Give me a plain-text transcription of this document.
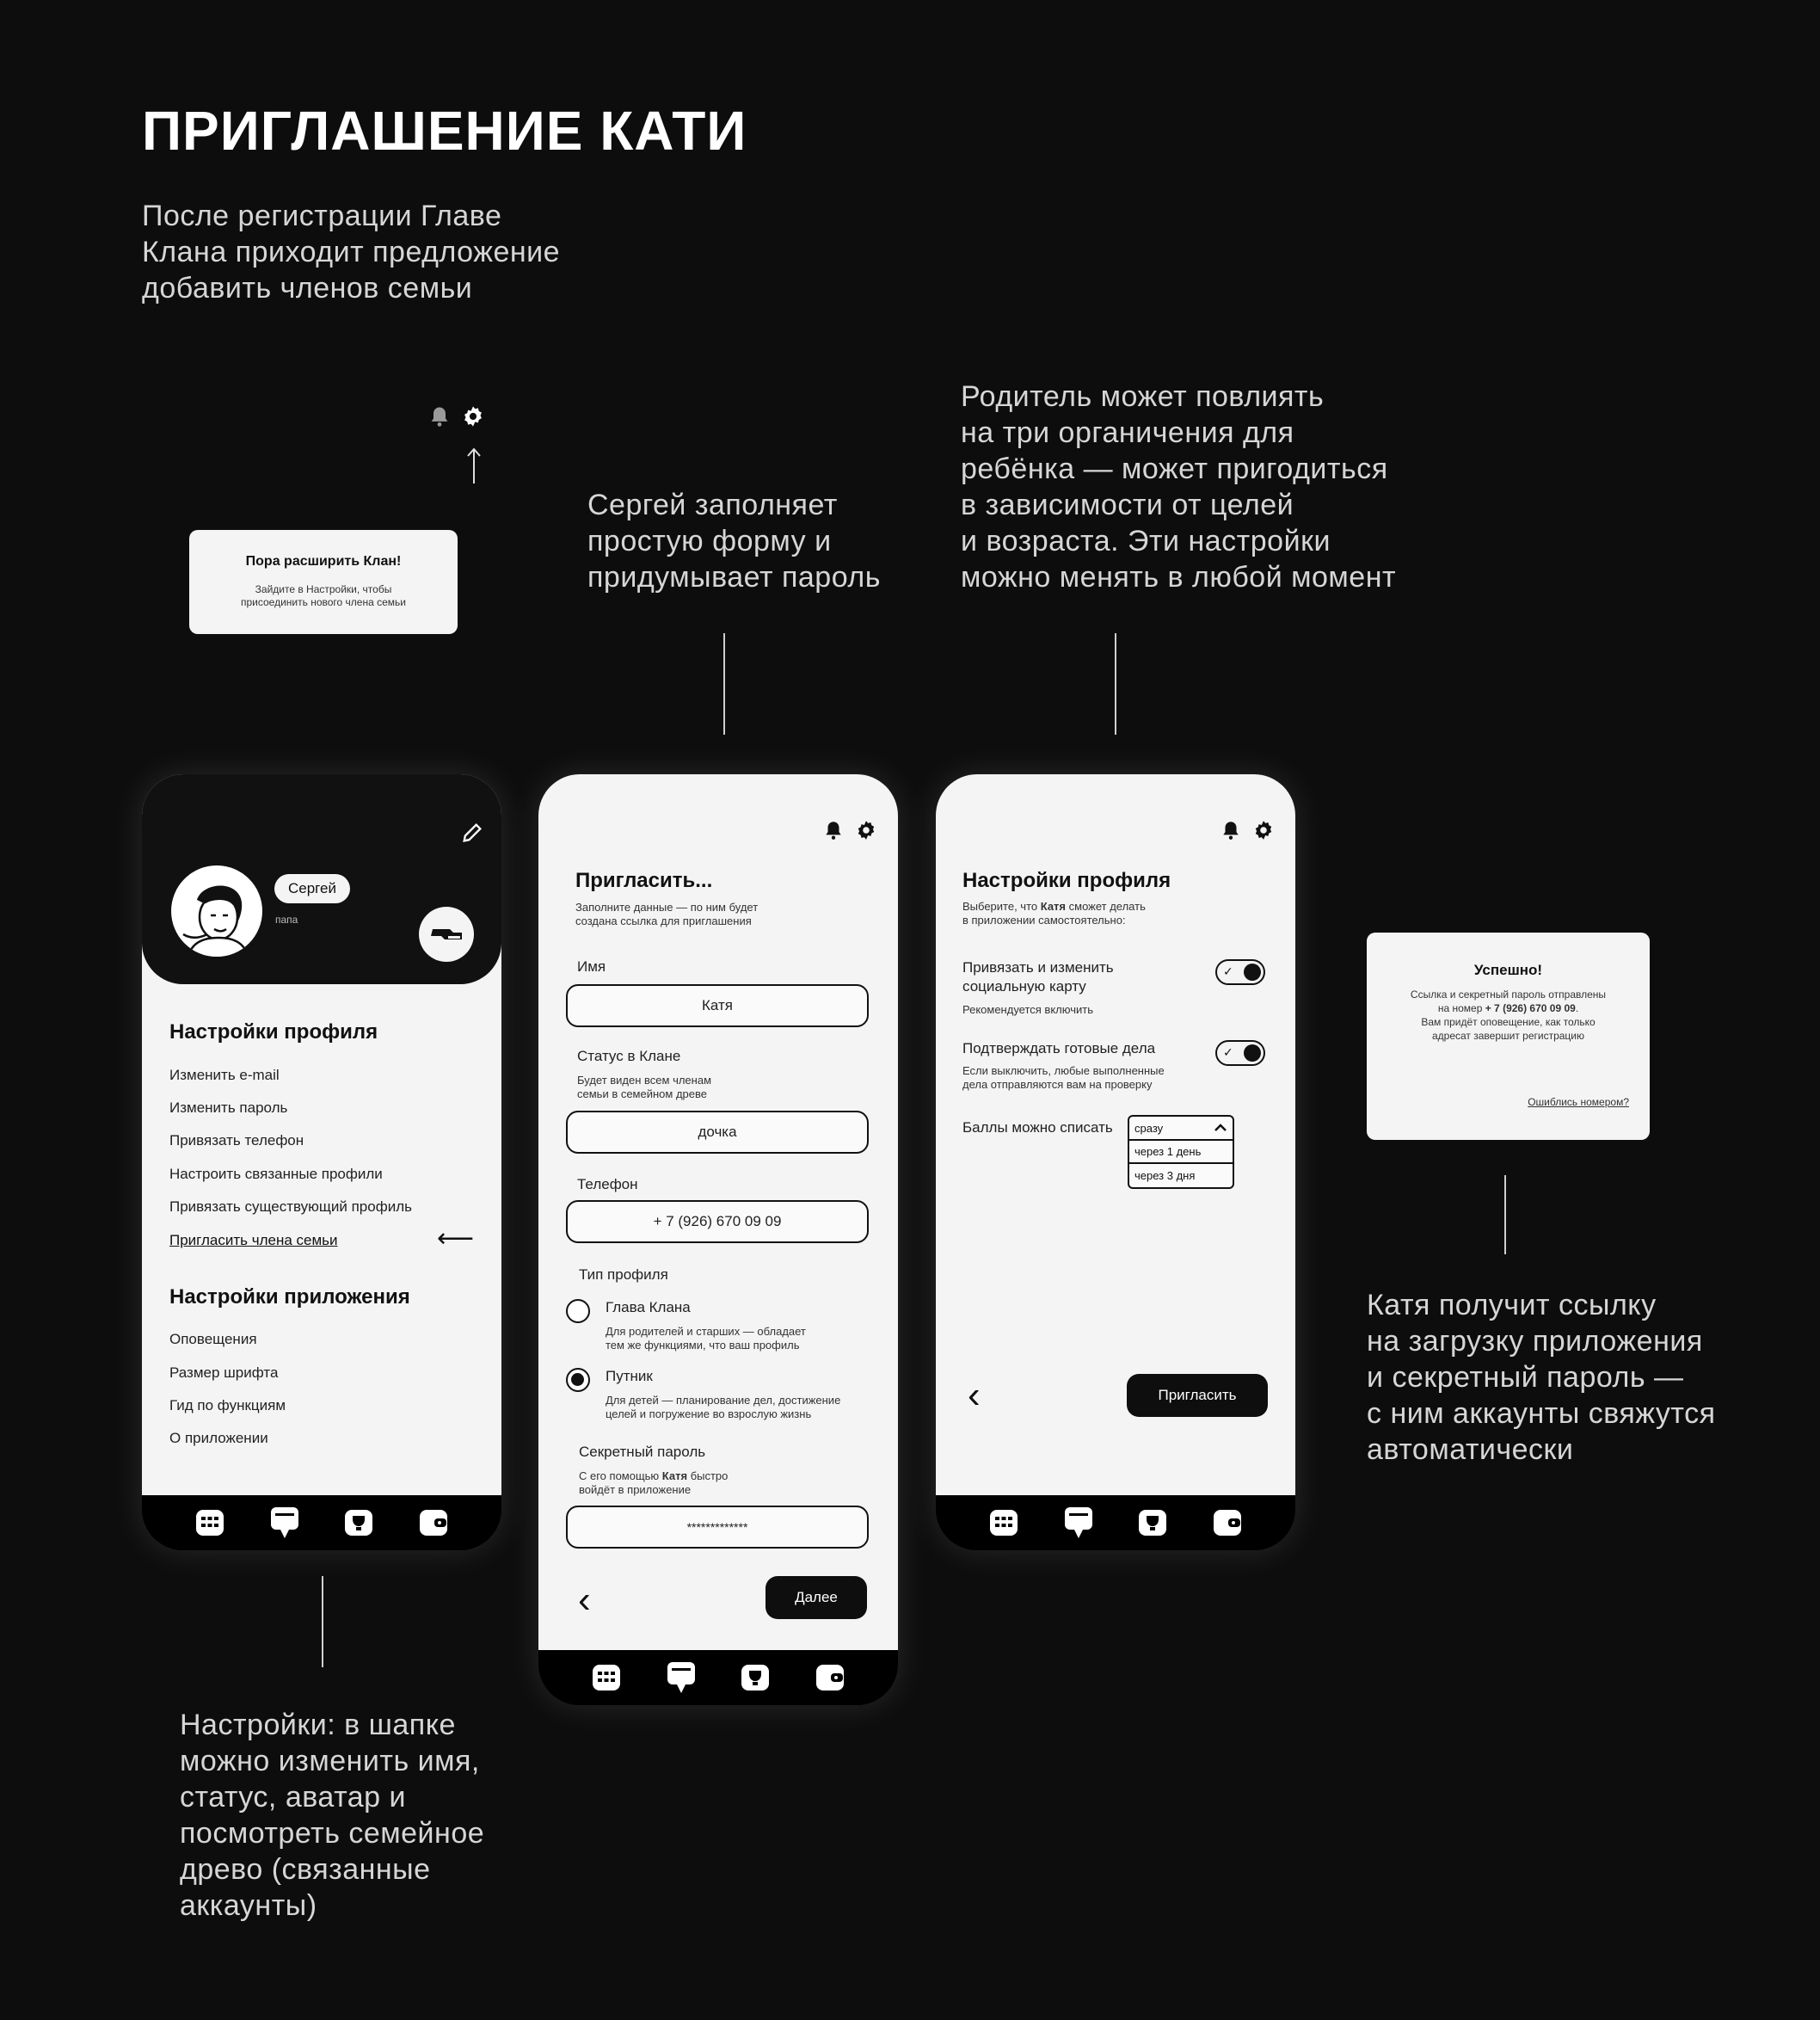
ПРИГЛАШЕНИЕ КАТИ
После регистрации Главе
Клана приходит предложение
добавить членов семьи
Сергей заполняет
простую форму и
придумывает пароль
Родитель может повлиять
на три органичения для
ребёнка — может пригодиться
в зависимости от целей
и возраста. Эти настройки
можно менять в любой момент
Настройки: в шапке
можно изменить имя,
статус, аватар и
посмотреть семейное
древо (связанные
аккаунты)
Катя получит ссылку
на загрузку приложения
и секретный пароль —
с ним аккаунты свяжутся
автоматически
Пора расширить Клан!
Зайдите в Настройки, чтобы
присоединить нового члена семьи
Сергей
папа
Настройки профиля
Изменить e-mail
Изменить пароль
Привязать телефон
Настроить связанные профили
Привязать существующий профиль
Пригласить члена семьи	⟵
Настройки приложения
Оповещения
Размер шрифта
Гид по функциям
О приложении
Пригласить...
Заполните данные — по ним будет
создана ссылка для приглашения
Имя
Катя
Статус в Клане
Будет виден всем членам
семьи в семейном древе
дочка
Телефон
+ 7 (926) 670 09 09
Тип профиля
Глава Клана
Для родителей и старших — обладает
тем же функциями, что ваш профиль
Путник
Для детей — планирование дел, достижение
целей и погружение во взрослую жизнь
Секретный пароль
С его помощью Катя быстро
войдёт в приложение
*************
‹	Далее
Настройки профиля
Выберите, что Катя сможет делать
в приложении самостоятельно:
Привязать и изменить
социальную карту
Рекомендуется включить
✓
Подтверждать готовые дела
Если выключить, любые выполненные
дела отправляются вам на проверку
✓
Баллы можно списать сразу
через 1 день
через 3 дня
‹	Пригласить
Успешно!
Ссылка и секретный пароль отправлены
на номер + 7 (926) 670 09 09.
Вам придёт оповещение, как только
адресат завершит регистрацию
Ошиблись номером?
